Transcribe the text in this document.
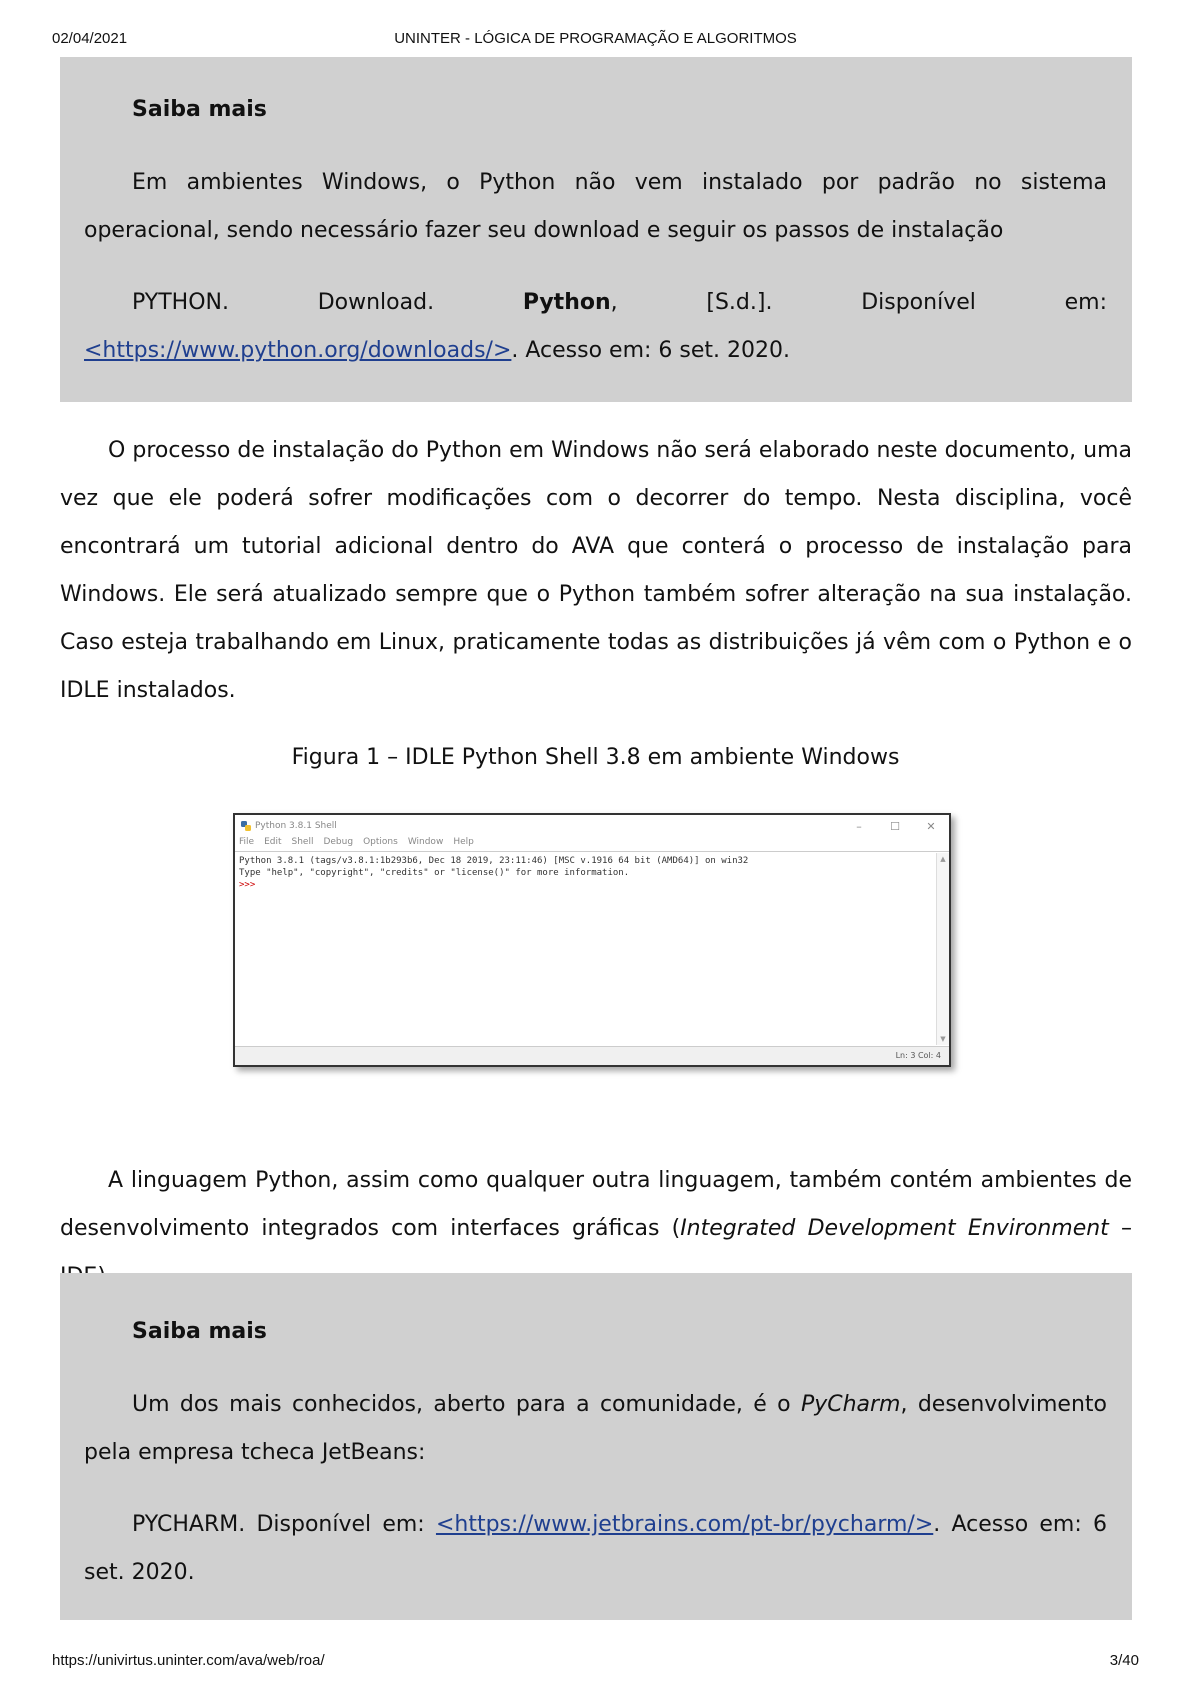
02/04/2021	UNINTER - LÓGICA DE PROGRAMAÇÃO E ALGORITMOS

Saiba mais

Em ambientes Windows, o Python não vem instalado por padrão no sistema operacional, sendo necessário fazer seu download e seguir os passos de instalação

PYTHON. Download. Python, [S.d.]. Disponível em: <https://www.python.org/downloads/>. Acesso em: 6 set. 2020.

O processo de instalação do Python em Windows não será elaborado neste documento, uma vez que ele poderá sofrer modificações com o decorrer do tempo. Nesta disciplina, você encontrará um tutorial adicional dentro do AVA que conterá o processo de instalação para Windows. Ele será atualizado sempre que o Python também sofrer alteração na sua instalação. Caso esteja trabalhando em Linux, praticamente todas as distribuições já vêm com o Python e o IDLE instalados.

Figura 1 – IDLE Python Shell 3.8 em ambiente Windows

Python 3.8.1 Shell	–	☐	✕
File Edit Shell Debug Options Window Help
Python 3.8.1 (tags/v3.8.1:1b293b6, Dec 18 2019, 23:11:46) [MSC v.1916 64 bit (AMD64)] on win32
Type "help", "copyright", "credits" or "license()" for more information.
>>>
▲
▼
Ln: 3 Col: 4

A linguagem Python, assim como qualquer outra linguagem, também contém ambientes de desenvolvimento integrados com interfaces gráficas (Integrated Development Environment –

Saiba mais

Um dos mais conhecidos, aberto para a comunidade, é o PyCharm, desenvolvimento pela empresa tcheca JetBeans:

PYCHARM. Disponível em: <https://www.jetbrains.com/pt-br/pycharm/>. Acesso em: 6 set. 2020.

https://univirtus.uninter.com/ava/web/roa/	3/40
